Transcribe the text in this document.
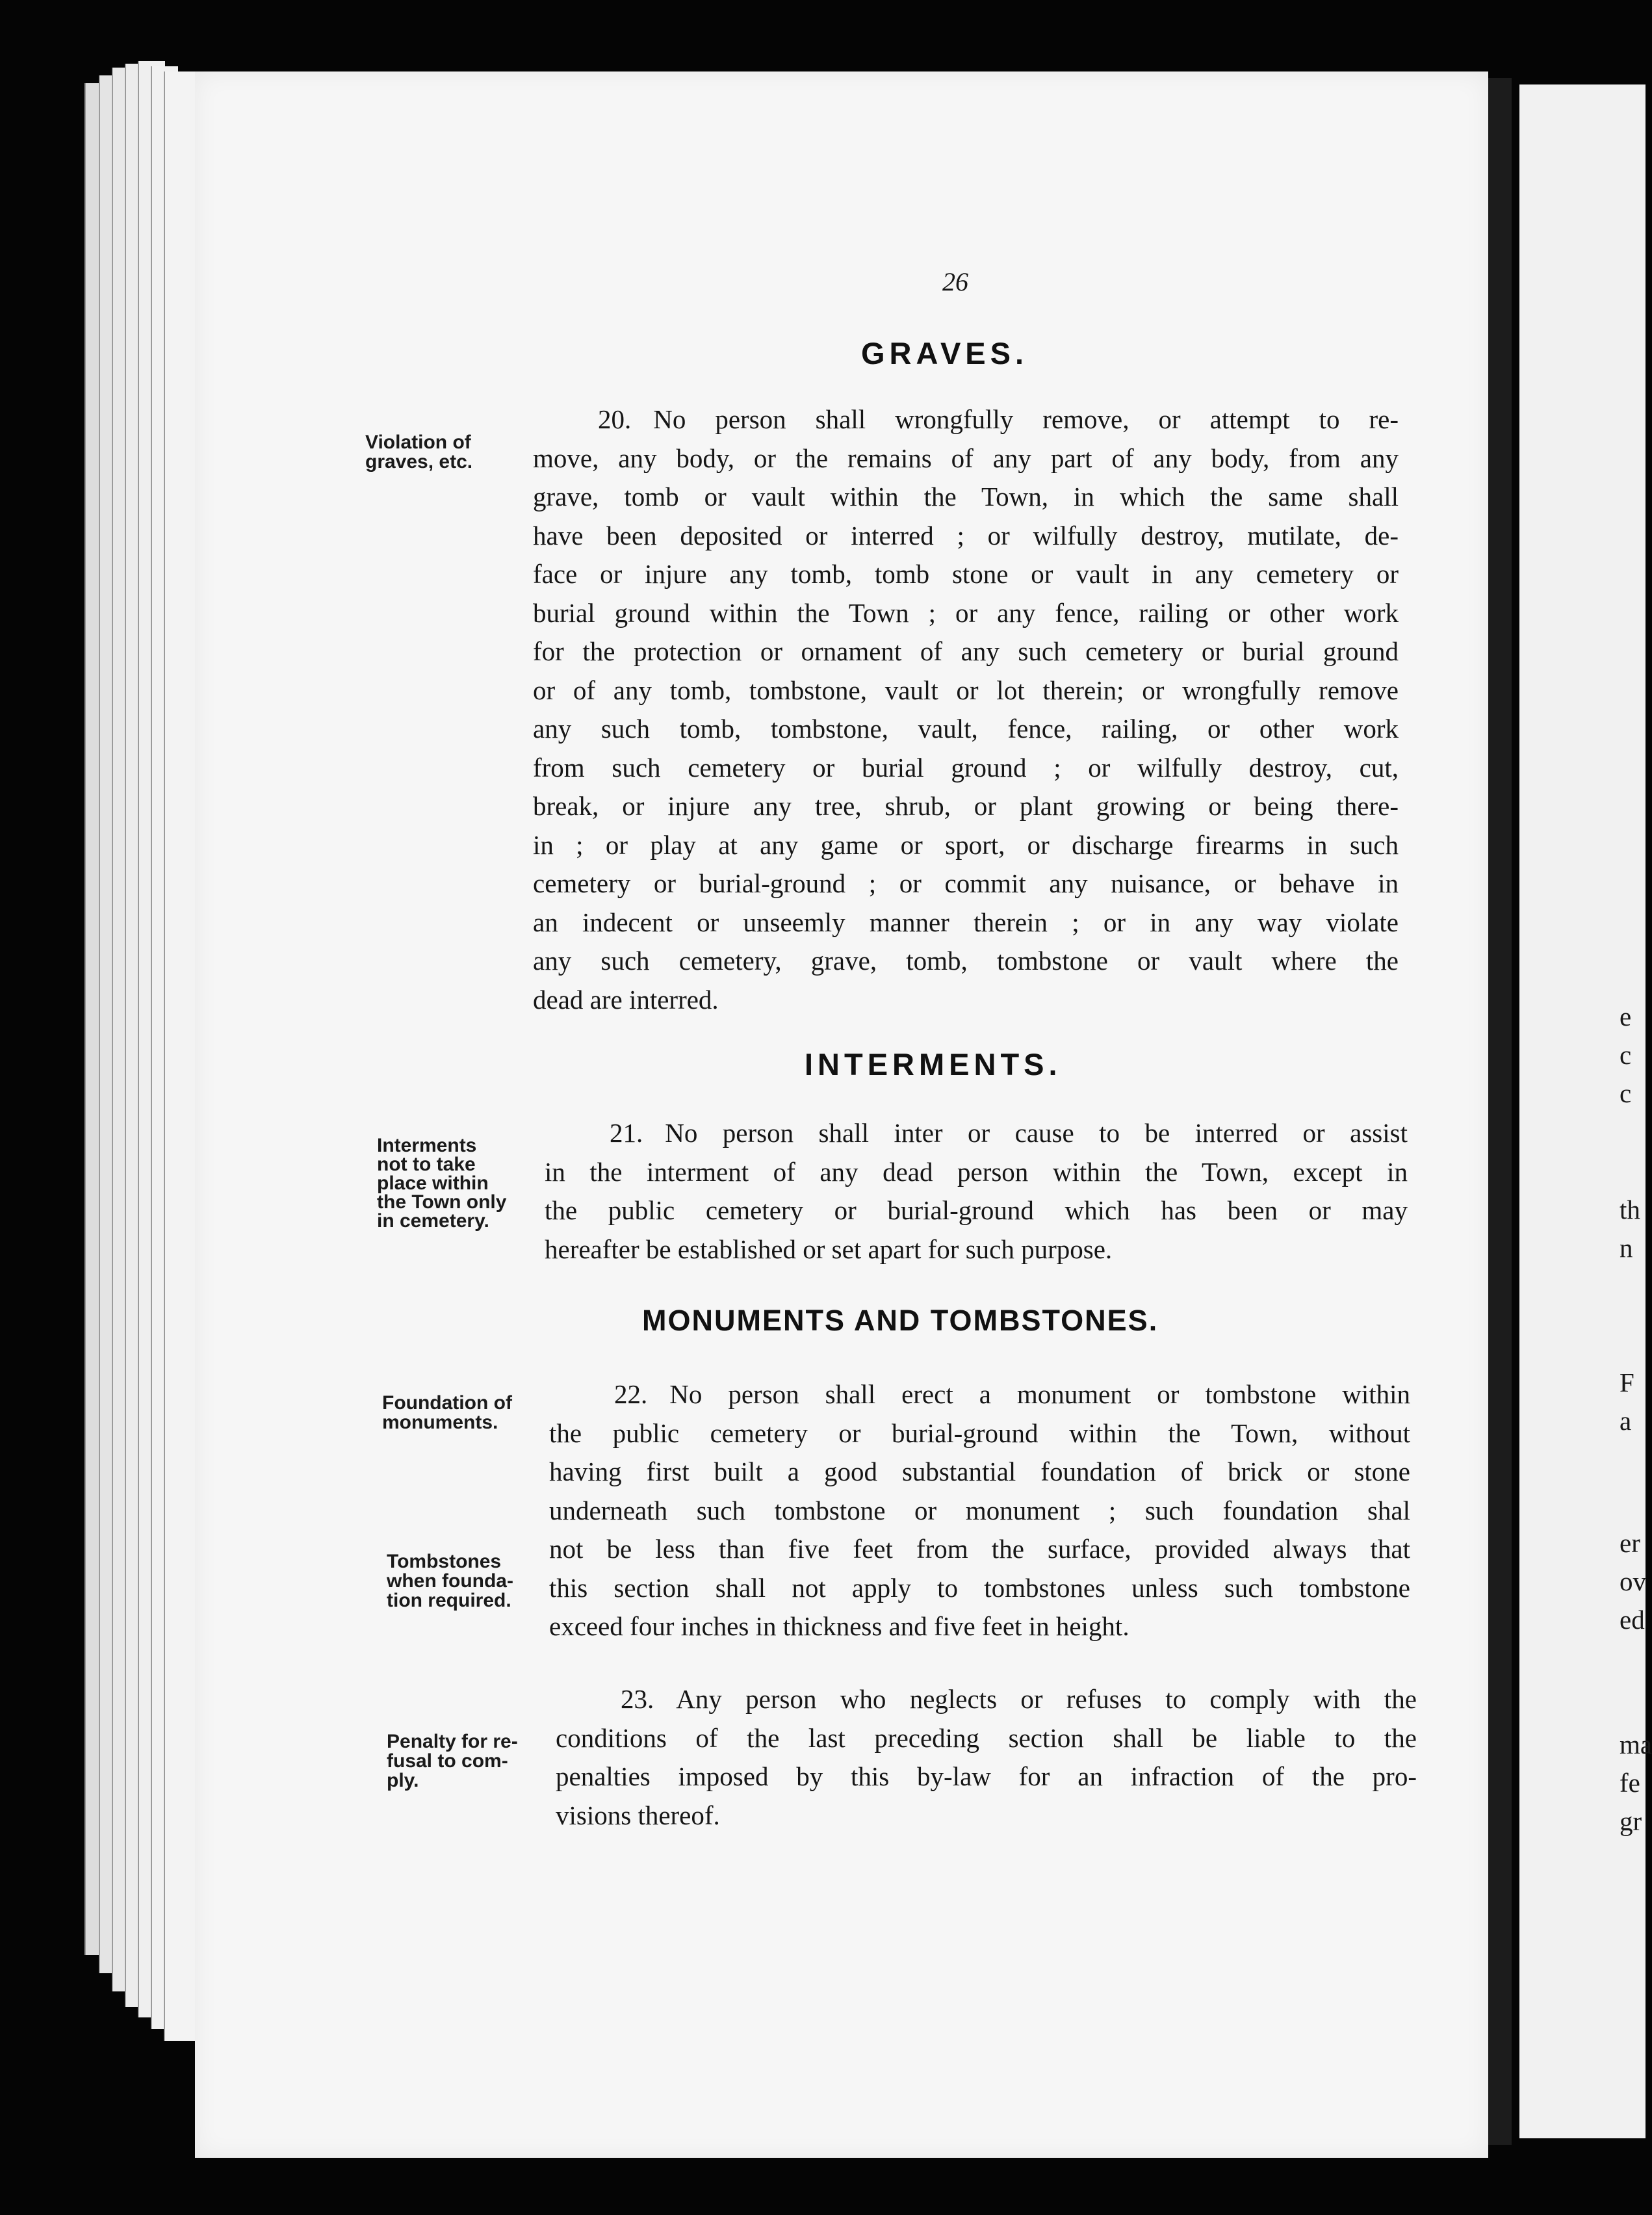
26
GRAVES.
Violation of
graves, etc.
20. No person shall wrongfully remove, or attempt to re-
move, any body, or the remains of any part of any body, from any
grave, tomb or vault within the Town, in which the same shall
have been deposited or interred ; or wilfully destroy, mutilate, de-
face or injure any tomb, tomb stone or vault in any cemetery or
burial ground within the Town ; or any fence, railing or other work
for the protection or ornament of any such cemetery or burial ground
or of any tomb, tombstone, vault or lot therein; or wrongfully remove
any such tomb, tombstone, vault, fence, railing, or other work
from such cemetery or burial ground ; or wilfully destroy, cut,
break, or injure any tree, shrub, or plant growing or being there-
in ; or play at any game or sport, or discharge firearms in such
cemetery or burial-ground ; or commit any nuisance, or behave in
an indecent or unseemly manner therein ; or in any way violate
any such cemetery, grave, tomb, tombstone or vault where the
dead are interred.
INTERMENTS.
Interments
not to take
place within
the Town only
in cemetery.
21. No person shall inter or cause to be interred or assist
in the interment of any dead person within the Town, except in
the public cemetery or burial-ground which has been or may
hereafter be established or set apart for such purpose.
MONUMENTS AND TOMBSTONES.
Foundation of
monuments.
Tombstones
when founda-
tion required.
22. No person shall erect a monument or tombstone within
the public cemetery or burial-ground within the Town, without
having first built a good substantial foundation of brick or stone
underneath such tombstone or monument ; such foundation shal
not be less than five feet from the surface, provided always that
this section shall not apply to tombstones unless such tombstone
exceed four inches in thickness and five feet in height.
Penalty for re-
fusal to com-
ply.
23. Any person who neglects or refuses to comply with the
conditions of the last preceding section shall be liable to the
penalties imposed by this by-law for an infraction of the pro-
visions thereof.
e
c
c
th
n
F
a
er
ov
ed
ma
fe
gr
